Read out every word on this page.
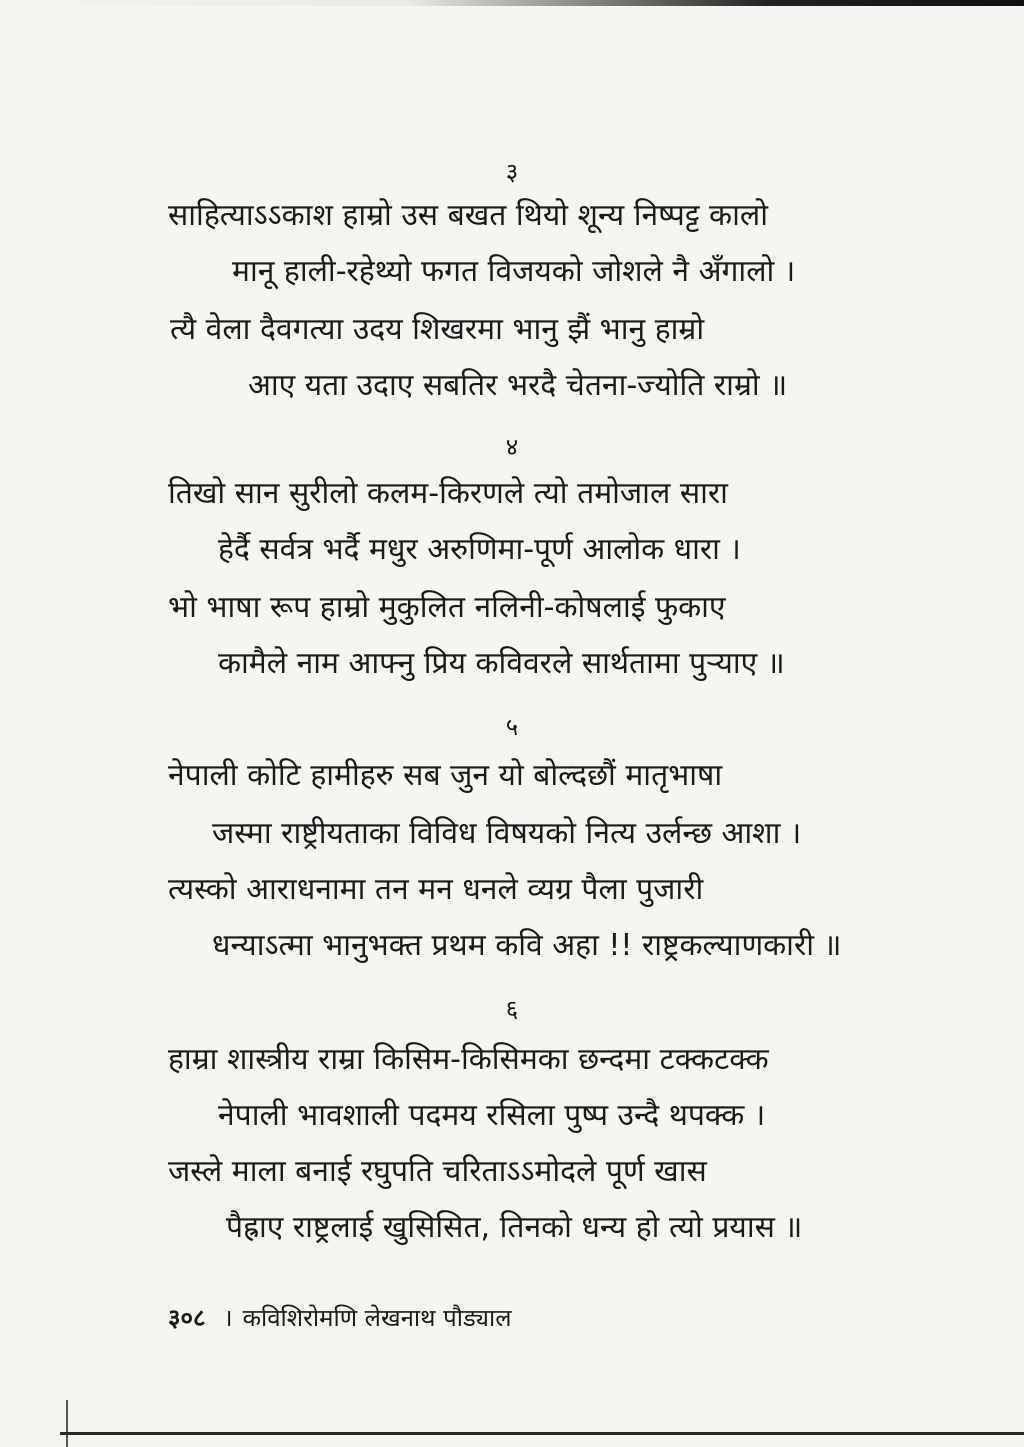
३
साहित्याऽऽकाश हाम्रो उस बखत थियो शून्य निष्पट्ट कालो
मानू हाली-रहेथ्यो फगत विजयको जोशले नै अँगालो ।
त्यै वेला दैवगत्या उदय शिखरमा भानु झैं भानु हाम्रो
आए यता उदाए सबतिर भरदै चेतना-ज्योति राम्रो ॥
४
तिखो सान सुरीलो कलम-किरणले त्यो तमोजाल सारा
हेर्दै सर्वत्र भर्दै मधुर अरुणिमा-पूर्ण आलोक धारा ।
भो भाषा रूप हाम्रो मुकुलित नलिनी-कोषलाई फुकाए
कामैले नाम आफ्नु प्रिय कविवरले सार्थतामा पुऱ्याए ॥
५
नेपाली कोटि हामीहरु सब जुन यो बोल्दछौं मातृभाषा
जस्मा राष्ट्रीयताका विविध विषयको नित्य उर्लन्छ आशा ।
त्यस्को आराधनामा तन मन धनले व्यग्र पैला पुजारी
धन्याऽत्मा भानुभक्त प्रथम कवि अहा !! राष्ट्रकल्याणकारी ॥
६
हाम्रा शास्त्रीय राम्रा किसिम-किसिमका छन्दमा टक्कटक्क
नेपाली भावशाली पदमय रसिला पुष्प उन्दै थपक्क ।
जस्ले माला बनाई रघुपति चरिताऽऽमोदले पूर्ण खास
पैह्राए राष्ट्रलाई खुसिसित, तिनको धन्य हो त्यो प्रयास ॥
३०८ । कविशिरोमणि लेखनाथ पौड्याल
